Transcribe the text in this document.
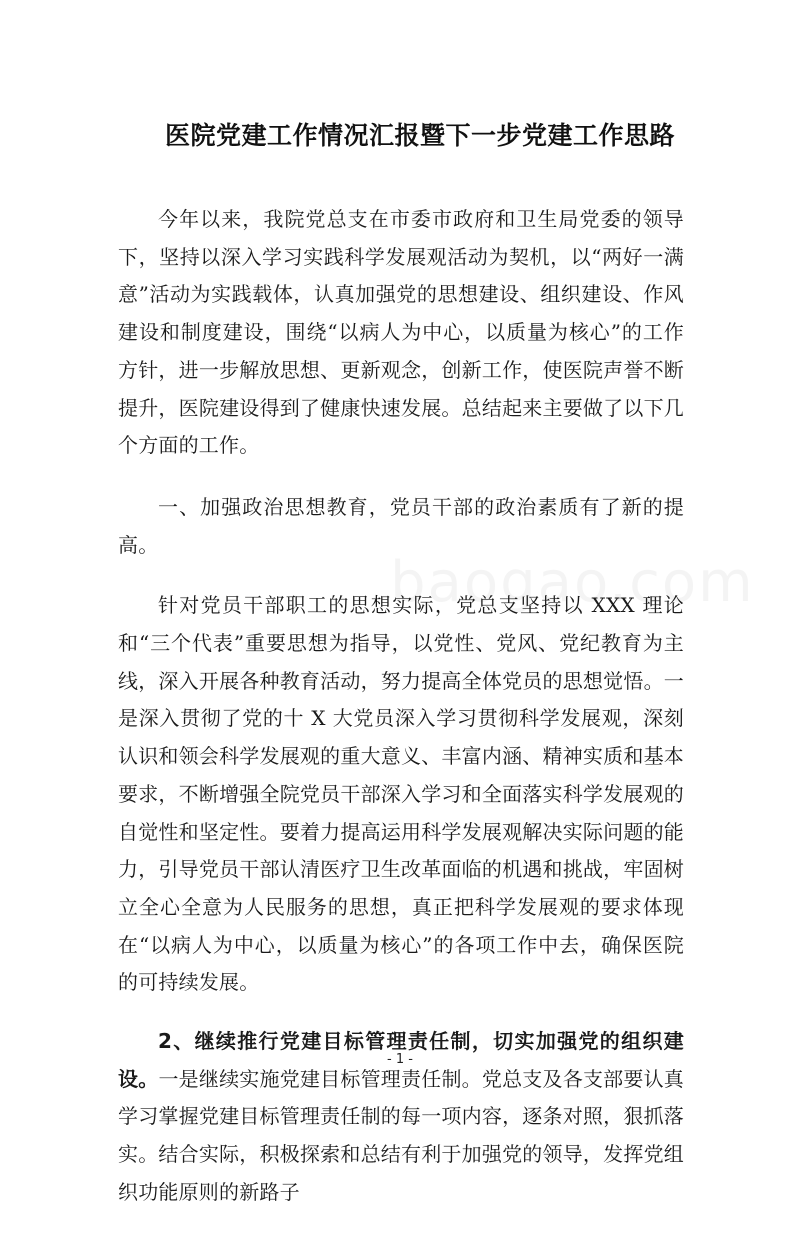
医院党建工作情况汇报暨下一步党建工作思路

今年以来，我院党总支在市委市政府和卫生局党委的领导下，坚持以深入学习实践科学发展观活动为契机，以“两好一满意”活动为实践载体，认真加强党的思想建设、组织建设、作风建设和制度建设，围绕“以病人为中心，以质量为核心”的工作方针，进一步解放思想、更新观念，创新工作，使医院声誉不断提升，医院建设得到了健康快速发展。总结起来主要做了以下几个方面的工作。

一、加强政治思想教育，党员干部的政治素质有了新的提高。

针对党员干部职工的思想实际，党总支坚持以 XXX 理论和“三个代表”重要思想为指导，以党性、党风、党纪教育为主线，深入开展各种教育活动，努力提高全体党员的思想觉悟。一是深入贯彻了党的十 X 大党员深入学习贯彻科学发展观，深刻认识和领会科学发展观的重大意义、丰富内涵、精神实质和基本要求，不断增强全院党员干部深入学习和全面落实科学发展观的自觉性和坚定性。要着力提高运用科学发展观解决实际问题的能力，引导党员干部认清医疗卫生改革面临的机遇和挑战，牢固树立全心全意为人民服务的思想，真正把科学发展观的要求体现在“以病人为中心，以质量为核心”的各项工作中去，确保医院的可持续发展。

2、继续推行党建目标管理责任制，切实加强党的组织建设。一是继续实施党建目标管理责任制。党总支及各支部要认真学习掌握党建目标管理责任制的每一项内容，逐条对照，狠抓落实。结合实际，积极探索和总结有利于加强党的领导，发挥党组织功能原则的新路子

- 1 -
